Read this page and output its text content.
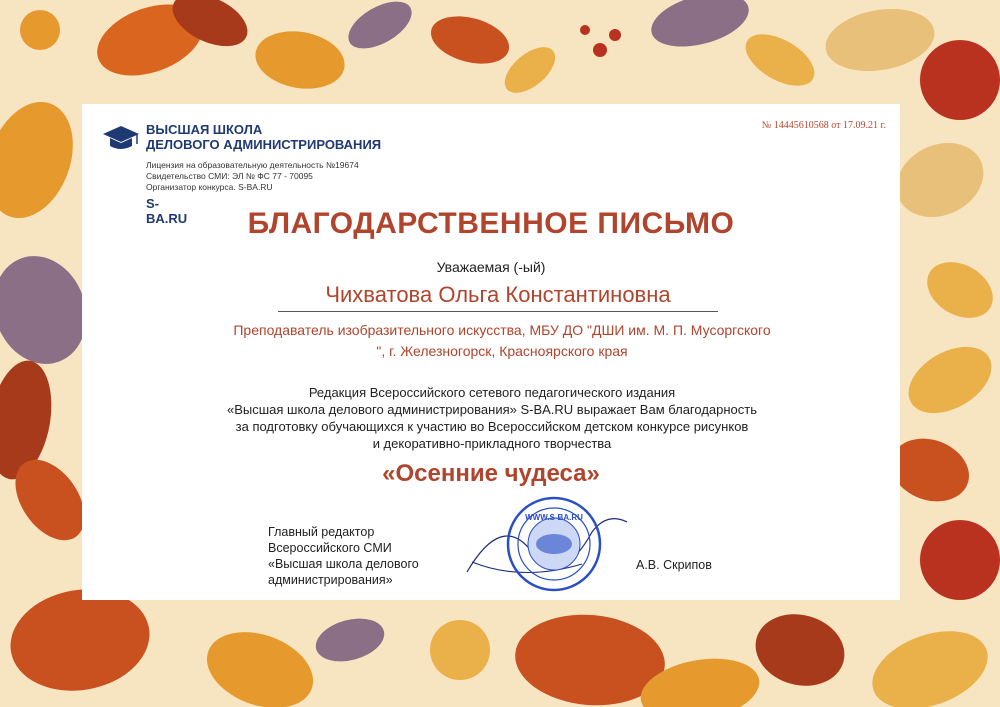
ВЫСШАЯ ШКОЛА
ДЕЛОВОГО АДМИНИСТРИРОВАНИЯ
Лицензия на образовательную деятельность №19674
Свидетельство СМИ: ЭЛ № ФС 77 - 70095
Организатор конкурса. S-BA.RU
S-BA.RU
№ 14445610568 от 17.09.21 г.
БЛАГОДАРСТВЕННОЕ ПИСЬМО
Уважаемая (-ый)
Чихватова Ольга Константиновна
Преподаватель изобразительного искусства, МБУ ДО "ДШИ им. М. П. Мусоргского
", г. Железногорск, Красноярского края
Редакция Всероссийского сетевого педагогического издания
«Высшая школа делового администрирования» S-BA.RU выражает Вам благодарность
за подготовку обучающихся к участию во Всероссийском детском конкурсе рисунков
и декоративно-прикладного творчества
«Осенние чудеса»
Главный редактор
Всероссийского СМИ
«Высшая школа делового
администрирования»
WWW.S-BA.RU
А.В. Скрипов
